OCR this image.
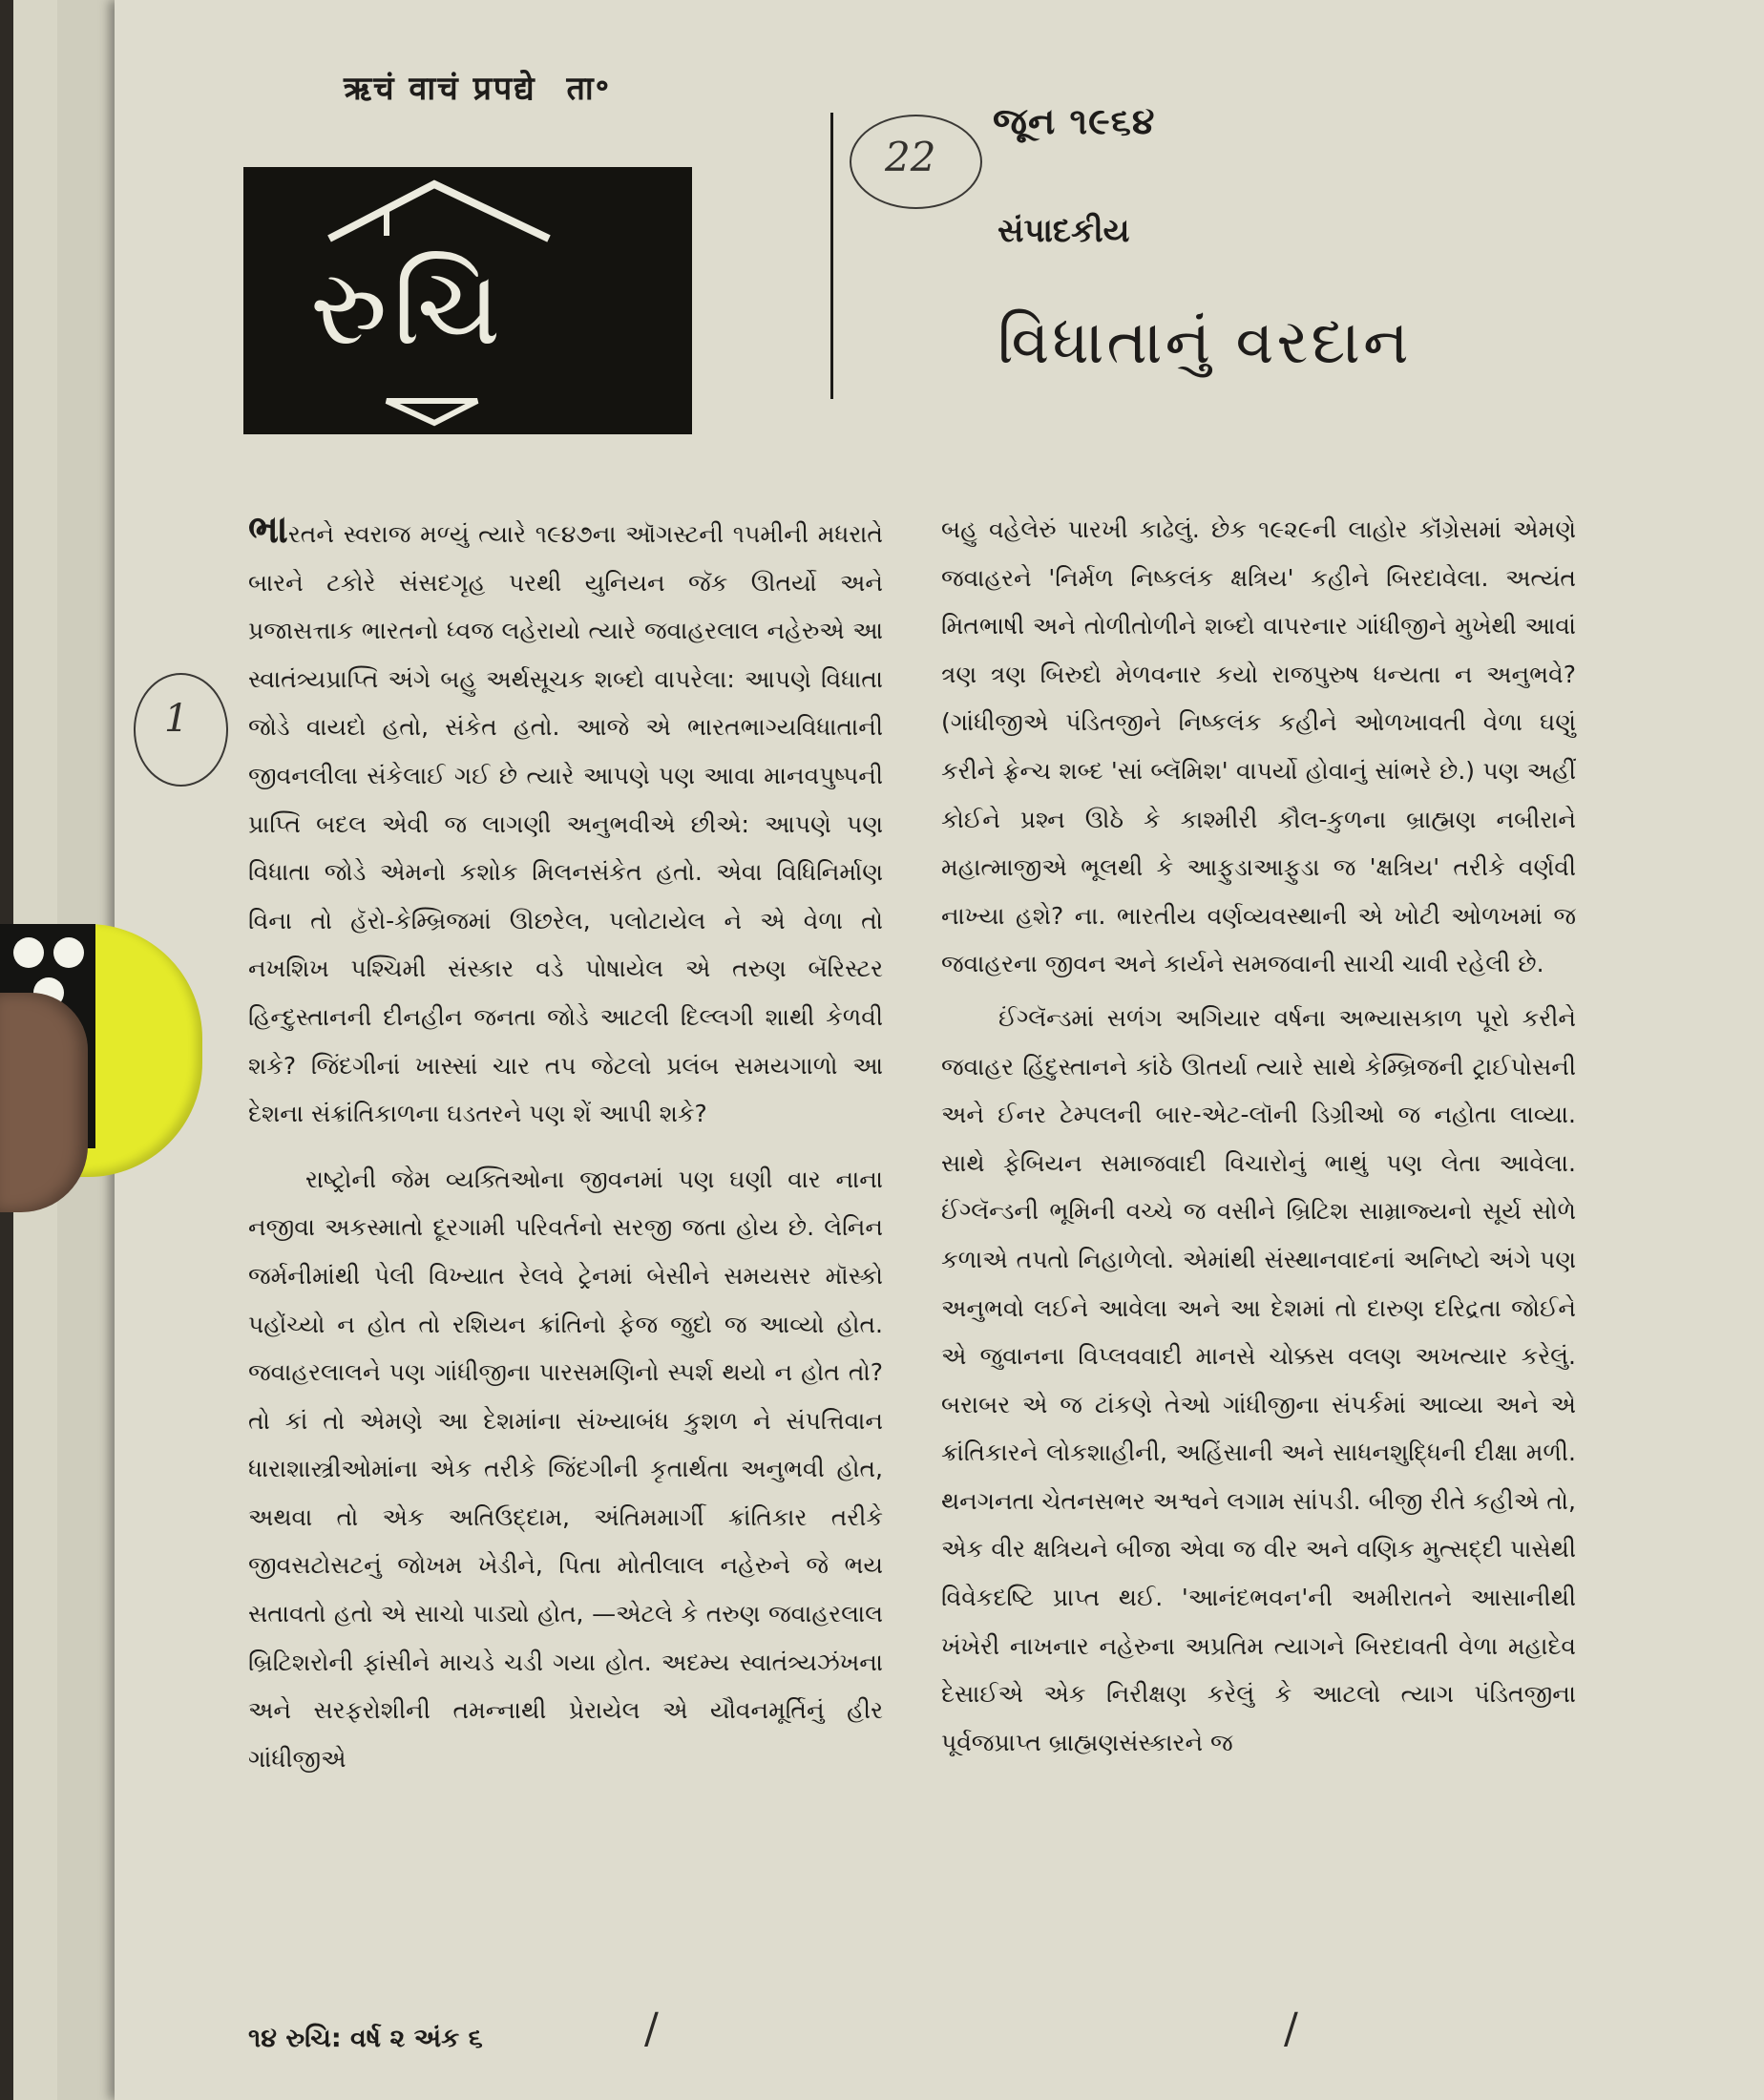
ऋचं वाचं प्रपद्ये ता॰
રુચિ
22
જૂન ૧૯૬૪
સંપાદકીય
વિધાતાનું વરદાન
1

ભારતને સ્વરાજ મળ્યું ત્યારે ૧૯૪૭ના ઑગસ્ટની ૧૫મીની મધરાતે બારને ટકોરે સંસદગૃહ પરથી યુનિયન જૅક ઊતર્યો અને પ્રજાસત્તાક ભારતનો ધ્વજ લહેરાયો ત્યારે જવાહરલાલ નહેરુએ આ સ્વાતંત્ર્યપ્રાપ્તિ અંગે બહુ અર્થસૂચક શબ્દો વાપરેલા: આપણે વિધાતા જોડે વાયદો હતો, સંકેત હતો. આજે એ ભારતભાગ્યવિધાતાની જીવનલીલા સંકેલાઈ ગઈ છે ત્યારે આપણે પણ આવા માનવપુષ્પની પ્રાપ્તિ બદલ એવી જ લાગણી અનુભવીએ છીએ: આપણે પણ વિધાતા જોડે એમનો કશોક મિલનસંકેત હતો. એવા વિધિનિર્માણ વિના તો હૅરો-કેમ્બ્રિજમાં ઊછરેલ, પલોટાયેલ ને એ વેળા તો નખશિખ પશ્ચિમી સંસ્કાર વડે પોષાયેલ એ તરુણ બૅરિસ્ટર હિન્દુસ્તાનની દીનહીન જનતા જોડે આટલી દિલ્લગી શાથી કેળવી શકે? જિંદગીનાં ખાસ્સાં ચાર તપ જેટલો પ્રલંબ સમયગાળો આ દેશના સંક્રાંતિકાળના ઘડતરને પણ શેં આપી શકે?

રાષ્ટ્રોની જેમ વ્યક્તિઓના જીવનમાં પણ ઘણી વાર નાના નજીવા અકસ્માતો દૂરગામી પરિવર્તનો સરજી જતા હોય છે. લેનિન જર્મનીમાંથી પેલી વિખ્યાત રેલવે ટ્રેનમાં બેસીને સમયસર મૉસ્કો પહોંચ્યો ન હોત તો રશિયન ક્રાંતિનો ફેજ જુદો જ આવ્યો હોત. જવાહરલાલને પણ ગાંધીજીના પારસમણિનો સ્પર્શ થયો ન હોત તો? તો કાં તો એમણે આ દેશમાંના સંખ્યાબંધ કુશળ ને સંપત્તિવાન ધારાશાસ્ત્રીઓમાંના એક તરીકે જિંદગીની કૃતાર્થતા અનુભવી હોત, અથવા તો એક અતિઉદ્દામ, અંતિમમાર્ગી ક્રાંતિકાર તરીકે જીવસટોસટનું જોખમ ખેડીને, પિતા મોતીલાલ નહેરુને જે ભય સતાવતો હતો એ સાચો પાડ્યો હોત, —એટલે કે તરુણ જવાહરલાલ બ્રિટિશરોની ફાંસીને માચડે ચડી ગયા હોત. અદમ્ય સ્વાતંત્ર્યઝંખના અને સરફરોશીની તમન્નાથી પ્રેરાયેલ એ યૌવનમૂર્તિનું હીર ગાંધીજીએ

બહુ વહેલેરું પારખી કાઢેલું. છેક ૧૯૨૯ની લાહોર કૉંગ્રેસમાં એમણે જવાહરને 'નિર્મળ નિષ્કલંક ક્ષત્રિય' કહીને બિરદાવેલા. અત્યંત મિતભાષી અને તોળીતોળીને શબ્દો વાપરનાર ગાંધીજીને મુખેથી આવાં ત્રણ ત્રણ બિરુદો મેળવનાર કયો રાજપુરુષ ધન્યતા ન અનુભવે? (ગાંધીજીએ પંડિતજીને નિષ્કલંક કહીને ઓળખાવતી વેળા ઘણું કરીને ફ્રેન્ચ શબ્દ 'સાં બ્લૅમિશ' વાપર્યો હોવાનું સાંભરે છે.) પણ અહીં કોઈને પ્રશ્ન ઊઠે કે કાશ્મીરી કૌલ-કુળના બ્રાહ્મણ નબીરાને મહાત્માજીએ ભૂલથી કે આફુડાઆફુડા જ 'ક્ષત્રિય' તરીકે વર્ણવી નાખ્યા હશે? ના. ભારતીય વર્ણવ્યવસ્થાની એ ખોટી ઓળખમાં જ જવાહરના જીવન અને કાર્યને સમજવાની સાચી ચાવી રહેલી છે.

ઈંગ્લૅન્ડમાં સળંગ અગિયાર વર્ષના અભ્યાસકાળ પૂરો કરીને જવાહર હિંદુસ્તાનને કાંઠે ઊતર્યા ત્યારે સાથે કેમ્બ્રિજની ટ્રાઈપોસની અને ઈનર ટેમ્પલની બાર-એટ-લૉની ડિગ્રીઓ જ નહોતા લાવ્યા. સાથે ફેબિયન સમાજવાદી વિચારોનું ભાથું પણ લેતા આવેલા. ઈંગ્લૅન્ડની ભૂમિની વચ્ચે જ વસીને બ્રિટિશ સામ્રાજ્યનો સૂર્ય સોળે કળાએ તપતો નિહાળેલો. એમાંથી સંસ્થાનવાદનાં અનિષ્ટો અંગે પણ અનુભવો લઈને આવેલા અને આ દેશમાં તો દારુણ દરિદ્રતા જોઈને એ જુવાનના વિપ્લવવાદી માનસે ચોક્કસ વલણ અખત્યાર કરેલું. બરાબર એ જ ટાંકણે તેઓ ગાંધીજીના સંપર્કમાં આવ્યા અને એ ક્રાંતિકારને લોકશાહીની, અહિંસાની અને સાધનશુદ્ધિની દીક્ષા મળી. થનગનતા ચેતનસભર અશ્વને લગામ સાંપડી. બીજી રીતે કહીએ તો, એક વીર ક્ષત્રિયને બીજા એવા જ વીર અને વણિક મુત્સદ્દી પાસેથી વિવેકદષ્ટિ પ્રાપ્ત થઈ. 'આનંદભવન'ની અમીરાતને આસાનીથી ખંખેરી નાખનાર નહેરુના અપ્રતિમ ત્યાગને બિરદાવતી વેળા મહાદેવ દેસાઈએ એક નિરીક્ષણ કરેલું કે આટલો ત્યાગ પંડિતજીના પૂર્વજપ્રાપ્ત બ્રાહ્મણસંસ્કારને જ

૧૪ રુચિ: વર્ષ ૨ અંક ૬	/	/
